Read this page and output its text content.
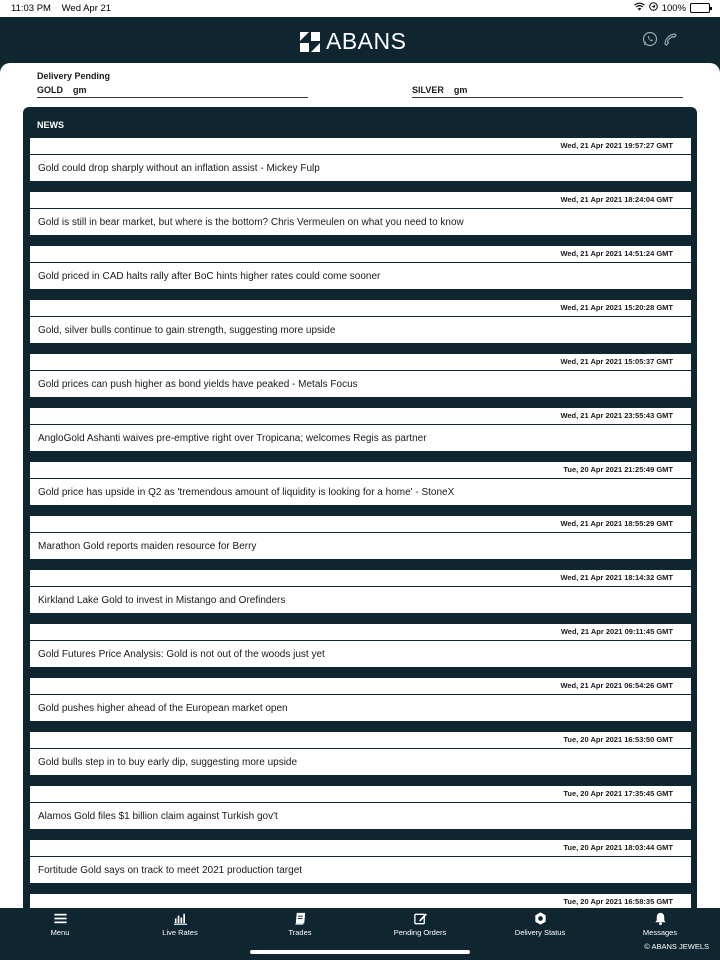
11:03 PM Wed Apr 21	100%
ABANS
Delivery Pending
GOLD gm	SILVER gm
NEWS
Wed, 21 Apr 2021 19:57:27 GMT
Gold could drop sharply without an inflation assist - Mickey Fulp
Wed, 21 Apr 2021 18:24:04 GMT
Gold is still in bear market, but where is the bottom? Chris Vermeulen on what you need to know
Wed, 21 Apr 2021 14:51:24 GMT
Gold priced in CAD halts rally after BoC hints higher rates could come sooner
Wed, 21 Apr 2021 15:20:28 GMT
Gold, silver bulls continue to gain strength, suggesting more upside
Wed, 21 Apr 2021 15:05:37 GMT
Gold prices can push higher as bond yields have peaked - Metals Focus
Wed, 21 Apr 2021 23:55:43 GMT
AngloGold Ashanti waives pre-emptive right over Tropicana; welcomes Regis as partner
Tue, 20 Apr 2021 21:25:49 GMT
Gold price has upside in Q2 as 'tremendous amount of liquidity is looking for a home' - StoneX
Wed, 21 Apr 2021 18:55:29 GMT
Marathon Gold reports maiden resource for Berry
Wed, 21 Apr 2021 18:14:32 GMT
Kirkland Lake Gold to invest in Mistango and Orefinders
Wed, 21 Apr 2021 09:11:45 GMT
Gold Futures Price Analysis: Gold is not out of the woods just yet
Wed, 21 Apr 2021 06:54:26 GMT
Gold pushes higher ahead of the European market open
Tue, 20 Apr 2021 16:53:50 GMT
Gold bulls step in to buy early dip, suggesting more upside
Tue, 20 Apr 2021 17:35:45 GMT
Alamos Gold files $1 billion claim against Turkish gov't
Tue, 20 Apr 2021 18:03:44 GMT
Fortitude Gold says on track to meet 2021 production target
Tue, 20 Apr 2021 16:58:35 GMT
Menu	Live Rates	Trades	Pending Orders	Delivery Status	Messages
© ABANS JEWELS
